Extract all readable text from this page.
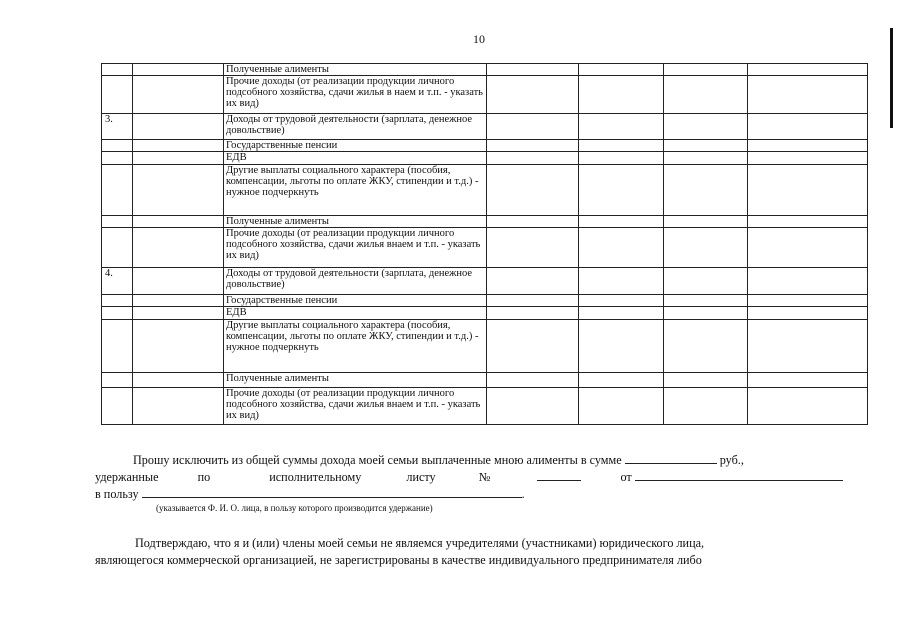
10

		Полученные алименты				

		Прочие доходы (от реализации продукции личного подсобного хозяйства, сдачи жилья в наем и т.п. - указать их вид)				

3.		Доходы от трудовой деятельности (зарплата, денежное довольствие)				

		Государственные пенсии				

		ЕДВ				

		Другие выплаты социального характера (пособия, компенсации, льготы по оплате ЖКУ, стипендии и т.д.) - нужное подчеркнуть				

		Полученные алименты				

		Прочие доходы (от реализации продукции личного подсобного хозяйства, сдачи жилья внаем и т.п. - указать их вид)				

4.		Доходы от трудовой деятельности (зарплата, денежное довольствие)				

		Государственные пенсии				

		ЕДВ				

		Другие выплаты социального характера (пособия, компенсации, льготы по оплате ЖКУ, стипендии и т.д.) - нужное подчеркнуть				

		Полученные алименты				

		Прочие доходы (от реализации продукции личного подсобного хозяйства, сдачи жилья внаем и т.п. - указать их вид)				

Прошу исключить из общей суммы дохода моей семьи выплаченные мною алименты в сумме	руб.,

удержанные	по	исполнительному	листу	№	от

в пользу	.

(указывается Ф. И. О. лица, в пользу которого производится удержание)

Подтверждаю, что я и (или) члены моей семьи не являемся учредителями (участниками) юридического лица,

являющегося коммерческой организацией, не зарегистрированы в качестве индивидуального предпринимателя либо
